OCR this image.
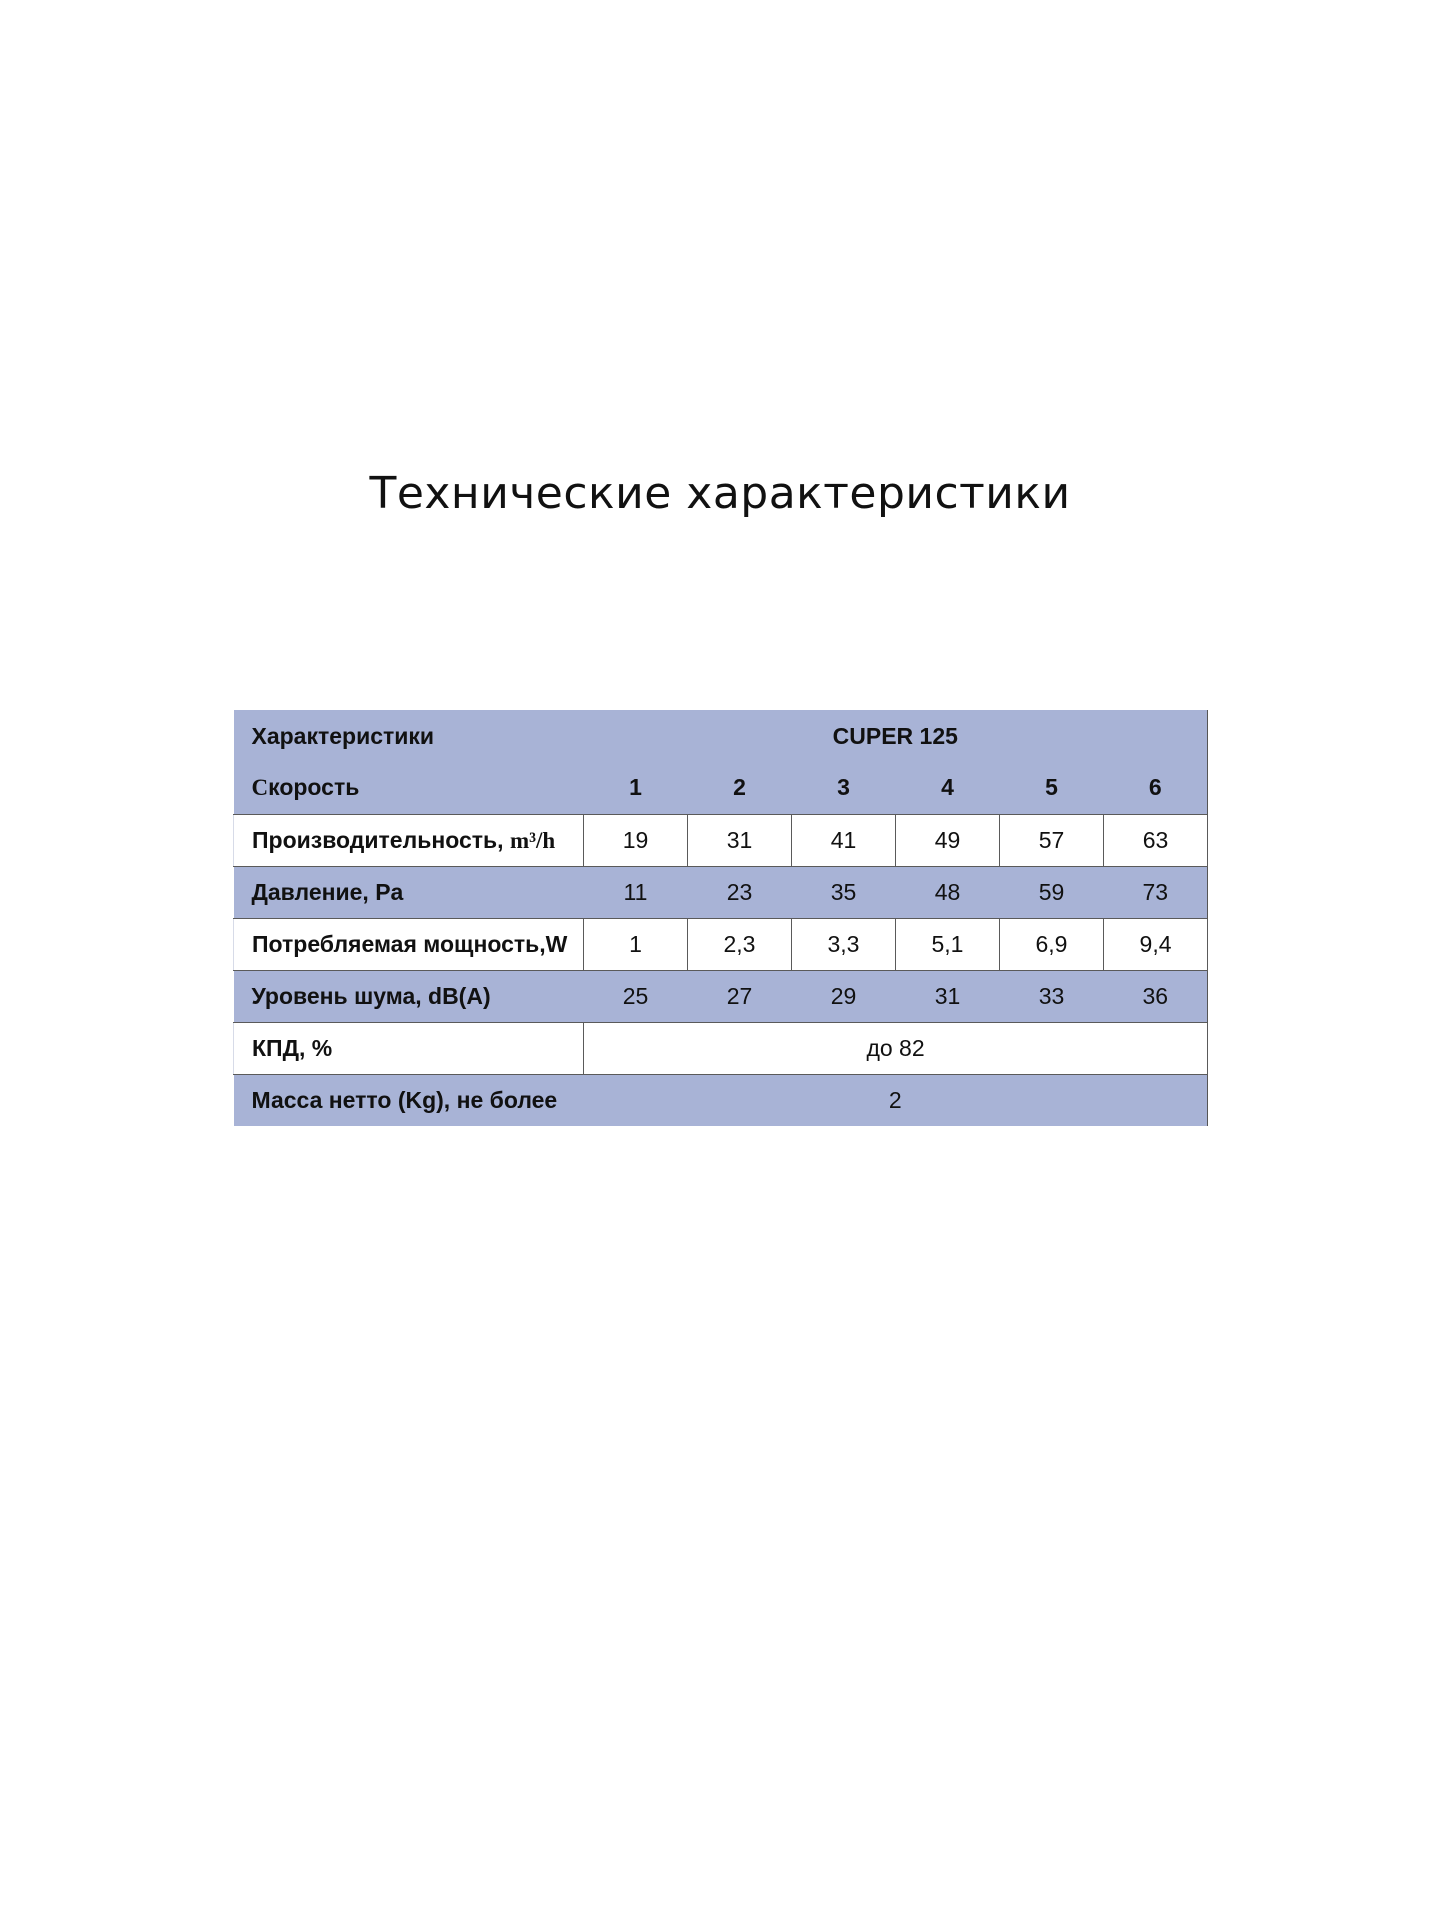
Технические характеристики
Характеристики	CUPER 125					
Скорость	1	2	3	4	5	6
Производительность, m³/h	19	31	41	49	57	63
Давление, Pa	11	23	35	48	59	73
Потребляемая мощность,W	1	2,3	3,3	5,1	6,9	9,4
Уровень шума, dB(A)	25	27	29	31	33	36
КПД, %	до 82					
Масса нетто (Kg), не более	2					
